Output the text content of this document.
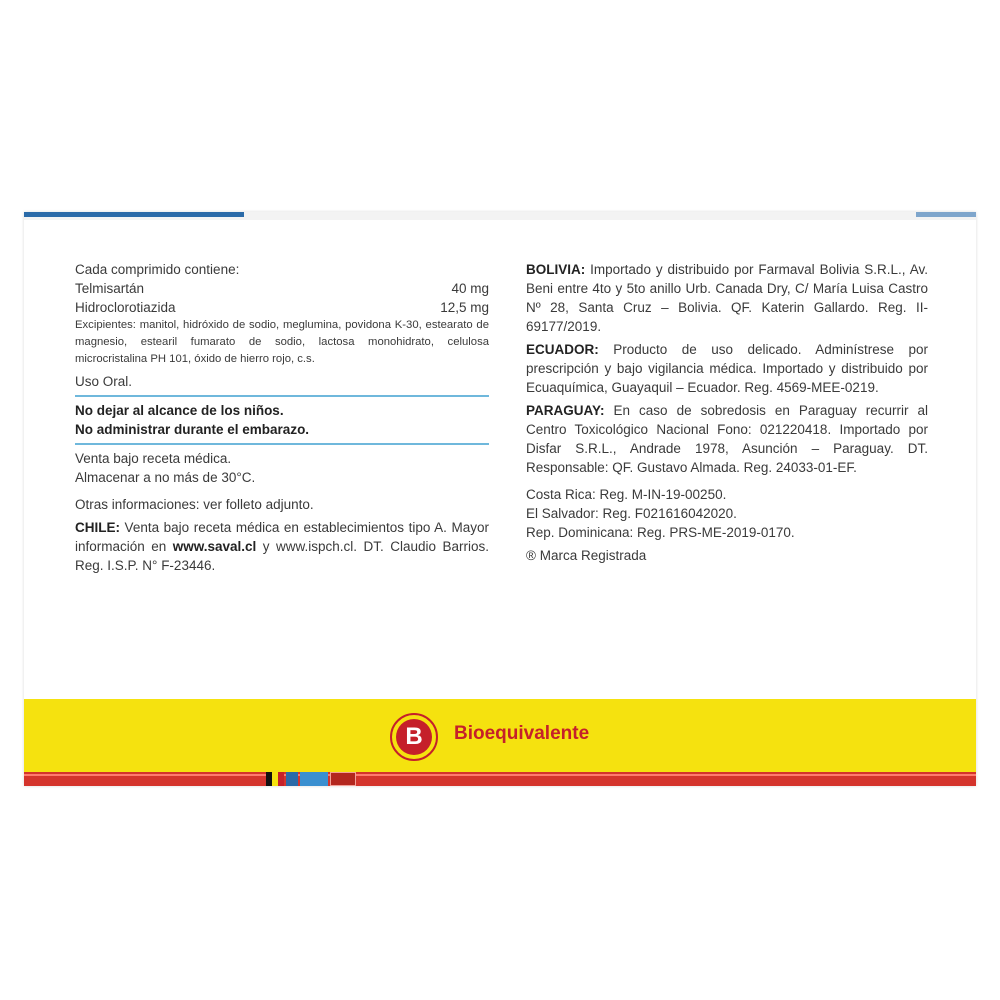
Cada comprimido contiene:
Telmisartán	40 mg
Hidroclorotiazida	12,5 mg
Excipientes: manitol, hidróxido de sodio, meglumina, povidona K-30, estearato de magnesio, estearil fumarato de sodio, lactosa monohidrato, celulosa microcristalina PH 101, óxido de hierro rojo, c.s.
Uso Oral.
No dejar al alcance de los niños.
No administrar durante el embarazo.
Venta bajo receta médica.
Almacenar a no más de 30°C.
Otras informaciones: ver folleto adjunto.
CHILE: Venta bajo receta médica en establecimientos tipo A. Mayor información en www.saval.cl y www.ispch.cl. DT. Claudio Barrios. Reg. I.S.P. N° F-23446.
BOLIVIA: Importado y distribuido por Farmaval Bolivia S.R.L., Av. Beni entre 4to y 5to anillo Urb. Canada Dry, C/ María Luisa Castro Nº 28, Santa Cruz – Bolivia. QF. Katerin Gallardo. Reg. II-69177/2019.
ECUADOR: Producto de uso delicado. Adminístrese por prescripción y bajo vigilancia médica. Importado y distribuido por Ecuaquímica, Guayaquil – Ecuador. Reg. 4569-MEE-0219.
PARAGUAY: En caso de sobredosis en Paraguay recurrir al Centro Toxicológico Nacional Fono: 021220418. Importado por Disfar S.R.L., Andrade 1978, Asunción – Paraguay. DT. Responsable: QF. Gustavo Almada. Reg. 24033-01-EF.
Costa Rica: Reg. M-IN-19-00250.
El Salvador: Reg. F021616042020.
Rep. Dominicana: Reg. PRS-ME-2019-0170.
® Marca Registrada
B	Bioequivalente
